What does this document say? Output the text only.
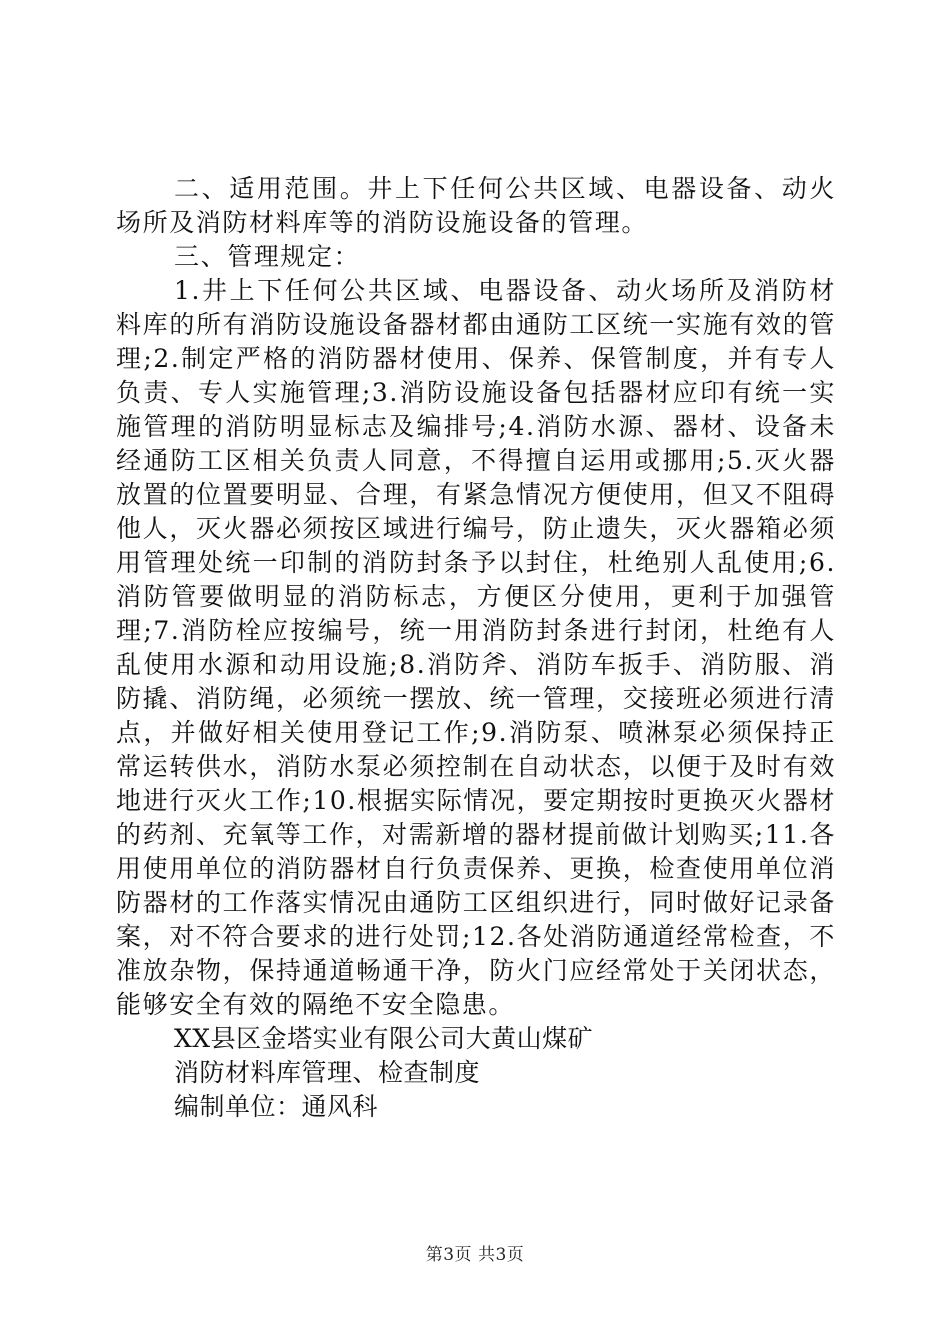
二、适用范围。井上下任何公共区域、电器设备、动火场所及消防材料库等的消防设施设备的管理。

三、管理规定：

1.井上下任何公共区域、电器设备、动火场所及消防材料库的所有消防设施设备器材都由通防工区统一实施有效的管理;2.制定严格的消防器材使用、保养、保管制度，并有专人负责、专人实施管理;3.消防设施设备包括器材应印有统一实施管理的消防明显标志及编排号;4.消防水源、器材、设备未经通防工区相关负责人同意，不得擅自运用或挪用;5.灭火器放置的位置要明显、合理，有紧急情况方便使用，但又不阻碍他人，灭火器必须按区域进行编号，防止遗失，灭火器箱必须用管理处统一印制的消防封条予以封住，杜绝别人乱使用;6.消防管要做明显的消防标志，方便区分使用，更利于加强管理;7.消防栓应按编号，统一用消防封条进行封闭，杜绝有人乱使用水源和动用设施;8.消防斧、消防车扳手、消防服、消防撬、消防绳，必须统一摆放、统一管理，交接班必须进行清点，并做好相关使用登记工作;9.消防泵、喷淋泵必须保持正常运转供水，消防水泵必须控制在自动状态，以便于及时有效地进行灭火工作;10.根据实际情况，要定期按时更换灭火器材的药剂、充氧等工作，对需新增的器材提前做计划购买;11.各用使用单位的消防器材自行负责保养、更换，检查使用单位消防器材的工作落实情况由通防工区组织进行，同时做好记录备案，对不符合要求的进行处罚;12.各处消防通道经常检查，不准放杂物，保持通道畅通干净，防火门应经常处于关闭状态，能够安全有效的隔绝不安全隐患。

XX县区金塔实业有限公司大黄山煤矿

消防材料库管理、检查制度

编制单位：通风科

第3页 共3页
